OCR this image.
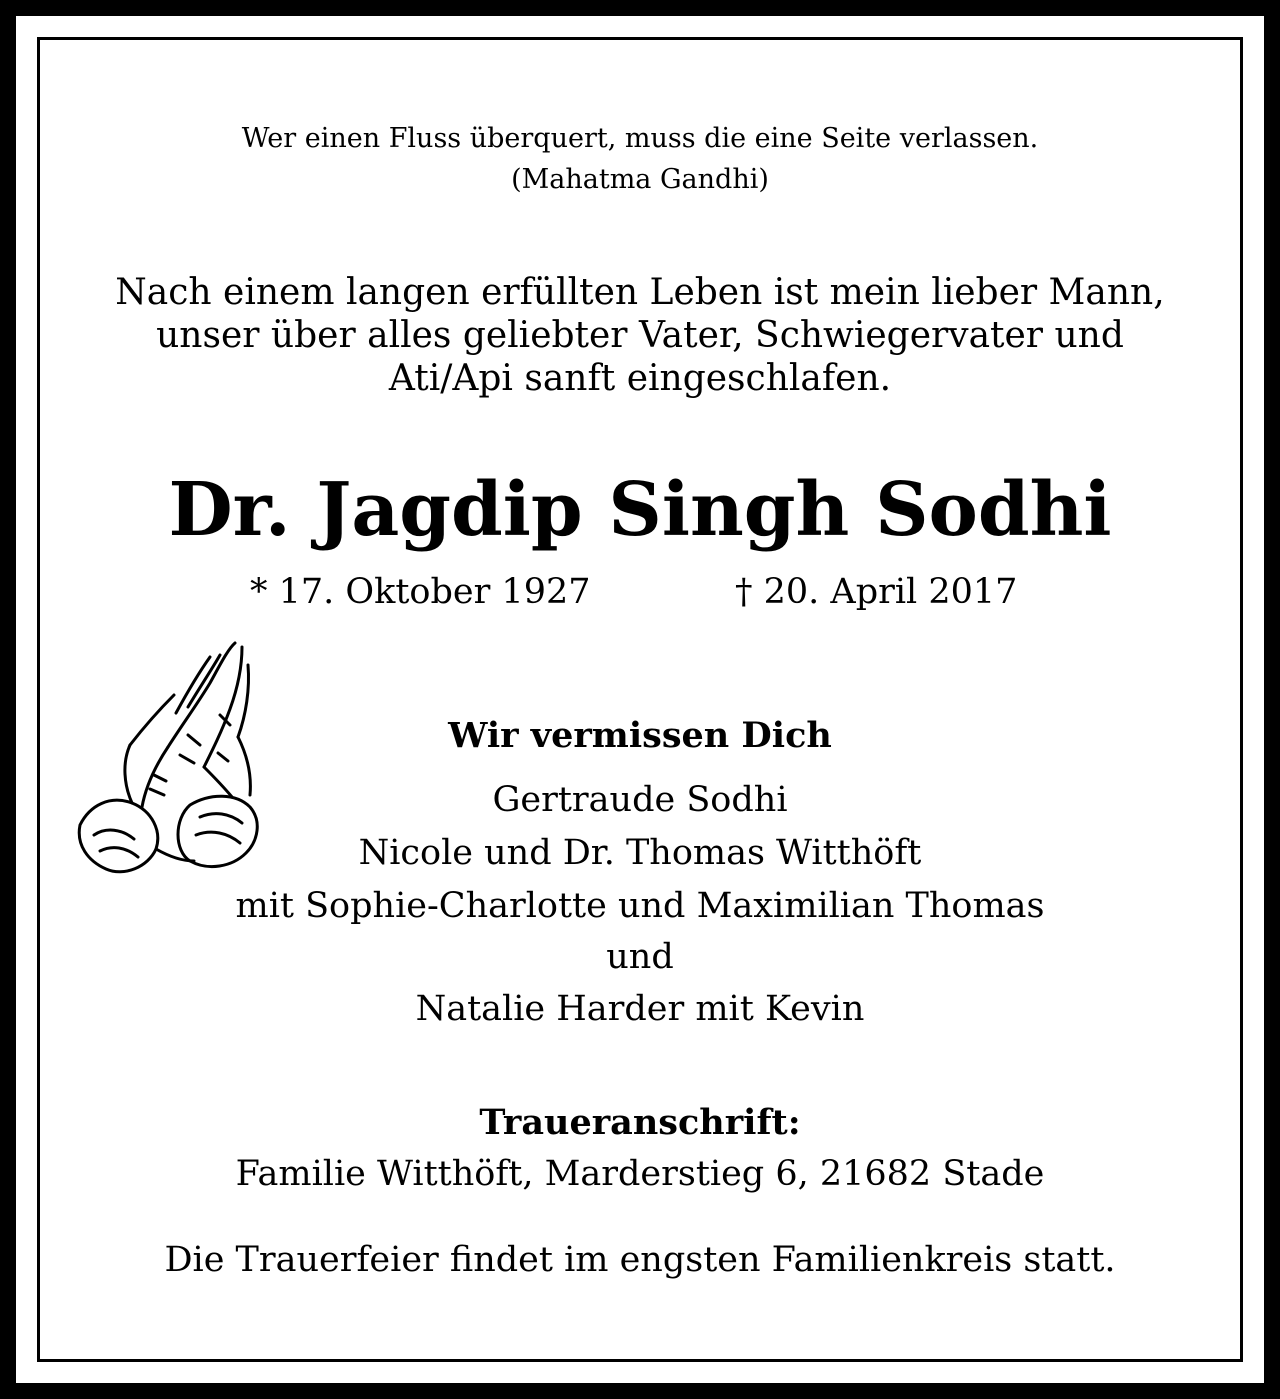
Wer einen Fluss überquert, muss die eine Seite verlassen.

(Mahatma Gandhi)

Nach einem langen erfüllten Leben ist mein lieber Mann,

unser über alles geliebter Vater, Schwiegervater und

Ati/Api sanft eingeschlafen.

Dr. Jagdip Singh Sodhi

* 17. Oktober 1927	† 20. April 2017

Wir vermissen Dich

Gertraude Sodhi

Nicole und Dr. Thomas Witthöft

mit Sophie-Charlotte und Maximilian Thomas

und

Natalie Harder mit Kevin

Traueranschrift:

Familie Witthöft, Marderstieg 6, 21682 Stade

Die Trauerfeier findet im engsten Familienkreis statt.
